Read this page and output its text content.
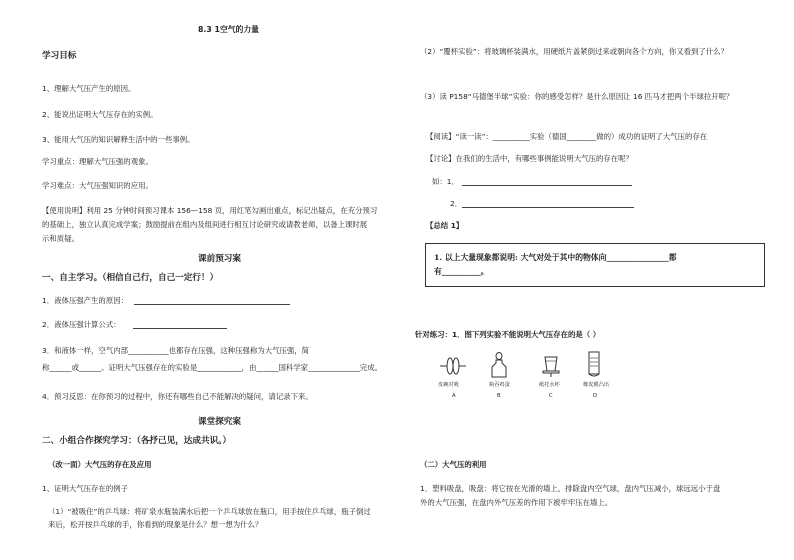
8.3 1空气的力量
学习目标
1、理解大气压产生的原因。
2、能说出证明大气压存在的实例。
3、能用大气压的知识解释生活中的一些事例。
学习重点：理解大气压强的观象。
学习难点：大气压强知识的应用。
【使用说明】利用 25 分钟时间预习课本 156—158 页，用红笔勾画出重点，标记出疑点，在充分预习
的基础上，独立认真完成学案；鼓励提前在组内及组间进行相互讨论研究或请教老师，以备上课时展
示和质疑。
课前预习案
一、自主学习。（相信自己行，自己一定行！）
1．液体压强产生的原因：
2．液体压强计算公式：
3．和液体一样，空气内部___________也都存在压强，这种压强称为大气压强，简
称______或______。证明大气压强存在的实验是____________，由______国科学家______________完成。
4．预习反思：在你预习的过程中，你还有哪些自己不能解决的疑问，请记录下来。
课堂探究案
二、小组合作探究学习：（各抒己见，达成共识。）
（改一面）大气压的存在及应用
1、证明大气压存在的例子
（1）“被吸住”的乒乓球：将矿泉水瓶装满水后把一个乒乓球放在瓶口，用手按住乒乓球，瓶子倒过
来后，松开按乒乓球的手，你看到的现象是什么？想一想为什么？
（2）“覆杯实验”：将玻璃杯装满水，用硬纸片盖紧倒过来或朝向各个方向，你又看到了什么？
（3）读 P158“马德堡半球”实验：你的感受怎样？是什么原因让 16 匹马才把两个半球拉开呢？
【阅读】“读一读”：__________实验（德国________做的）成功的证明了大气压的存在
【讨论】在我们的生活中，有哪些事例能说明大气压的存在呢？
如：1．
2．
【总结 1】
1. 以上大量现象都说明: 大气对处于其中的物体向________________都
有__________。
针对练习：1．图下列实验不能说明大气压存在的是（ ）
皮碗对吸	瓶吞鸡蛋	纸托水杯	橡皮膜凸出
A	B	C	D
（二）大气压的利用
1．塑料吸盘，吸盘：将它按在光滑的墙上，排除盘内空气球，盘内气压减小，球远远小于盘
外的大气压强，在盘内外气压差的作用下被牢牢压在墙上。
